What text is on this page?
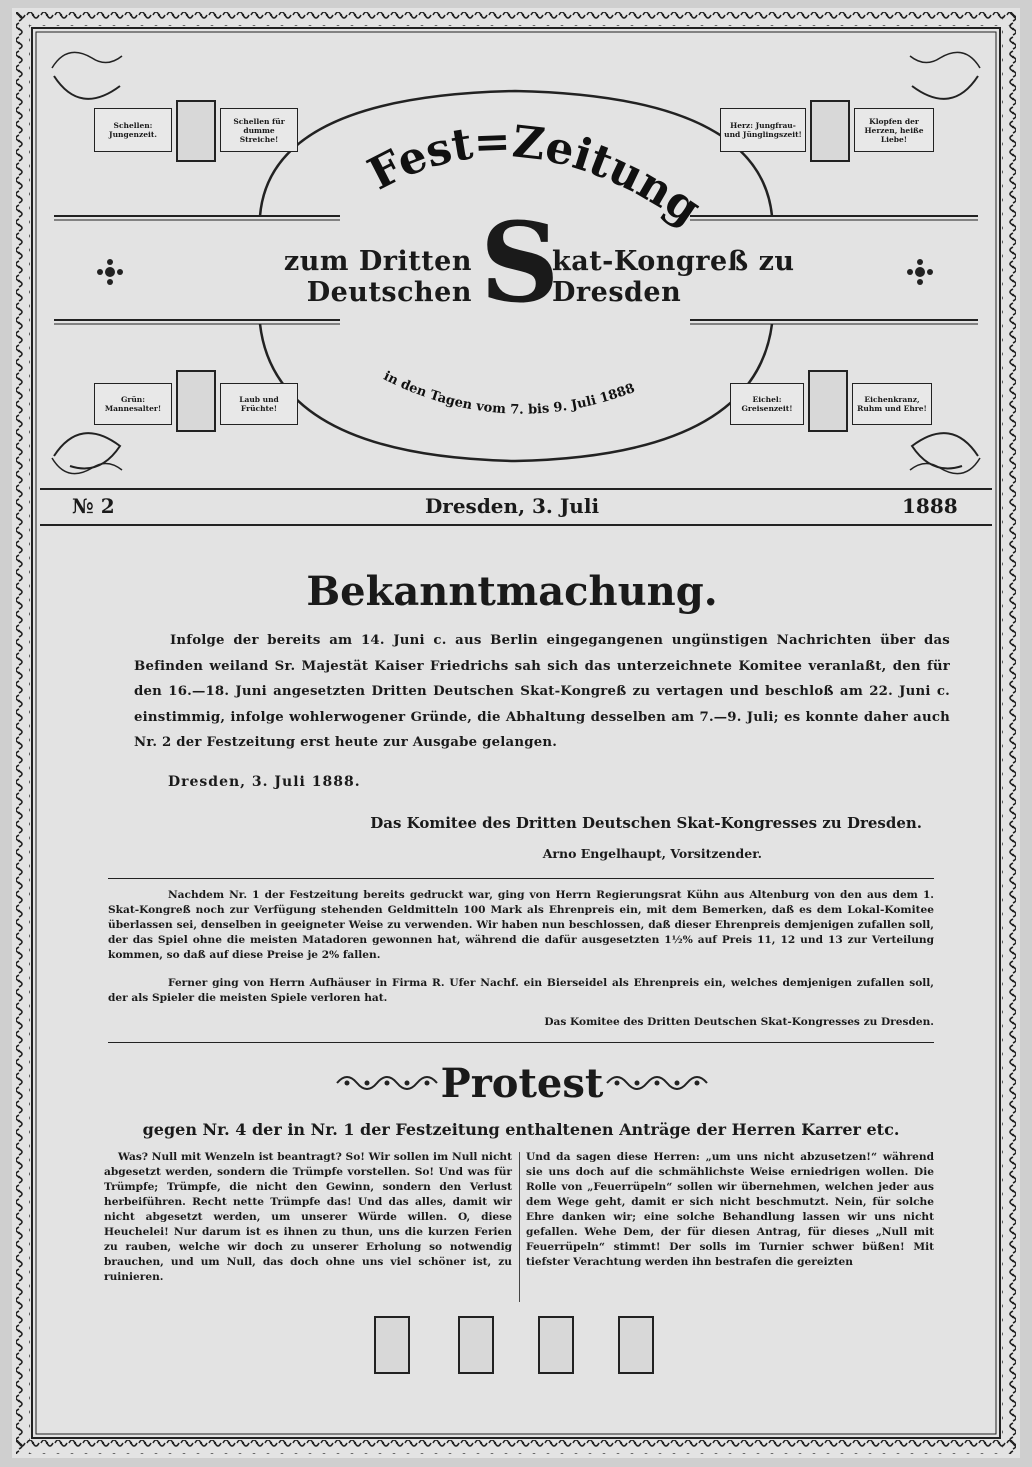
Fest=Zeitung
in den Tagen vom 7. bis 9. Juli 1888
zum Dritten Deutschen S
kat-Kongreß zu Dresden
Schellen: Jungenzeit.
Schellen für dumme Streiche!
Herz: Jungfrau- und Jünglingszeit!
Klopfen der Herzen, heiße Liebe!
Grün: Mannesalter!
Laub und Früchte!
Eichel: Greisenzeit!
Eichenkranz, Ruhm und Ehre!
№ 2	Dresden, 3. Juli	1888
Bekanntmachung.
Infolge der bereits am 14. Juni c. aus Berlin eingegangenen ungünstigen Nachrichten über das Befinden weiland Sr. Majestät Kaiser Friedrichs sah sich das unterzeichnete Komitee veranlaßt, den für den 16.—18. Juni angesetzten Dritten Deutschen Skat-Kongreß zu vertagen und beschloß am 22. Juni c. einstimmig, infolge wohlerwogener Gründe, die Abhaltung desselben am 7.—9. Juli; es konnte daher auch Nr. 2 der Festzeitung erst heute zur Ausgabe gelangen.
Dresden, 3. Juli 1888.
Das Komitee des Dritten Deutschen Skat-Kongresses zu Dresden.
Arno Engelhaupt, Vorsitzender.
Nachdem Nr. 1 der Festzeitung bereits gedruckt war, ging von Herrn Regierungsrat Kühn aus Altenburg von den aus dem 1. Skat-Kongreß noch zur Verfügung stehenden Geldmitteln 100 Mark als Ehrenpreis ein, mit dem Bemerken, daß es dem Lokal-Komitee überlassen sei, denselben in geeigneter Weise zu verwenden. Wir haben nun beschlossen, daß dieser Ehrenpreis demjenigen zufallen soll, der das Spiel ohne die meisten Matadoren gewonnen hat, während die dafür ausgesetzten 1½% auf Preis 11, 12 und 13 zur Verteilung kommen, so daß auf diese Preise je 2% fallen.
Ferner ging von Herrn Aufhäuser in Firma R. Ufer Nachf. ein Bierseidel als Ehrenpreis ein, welches demjenigen zufallen soll, der als Spieler die meisten Spiele verloren hat.
Das Komitee des Dritten Deutschen Skat-Kongresses zu Dresden.
Protest
gegen Nr. 4 der in Nr. 1 der Festzeitung enthaltenen Anträge der Herren Karrer etc.
Was? Null mit Wenzeln ist beantragt? So! Wir sollen im Null nicht abgesetzt werden, sondern die Trümpfe vorstellen. So! Und was für Trümpfe; Trümpfe, die nicht den Gewinn, sondern den Verlust herbeiführen. Recht nette Trümpfe das! Und das alles, damit wir nicht abgesetzt werden, um unserer Würde willen. O, diese Heuchelei! Nur darum ist es ihnen zu thun, uns die kurzen Ferien zu rauben, welche wir doch zu unserer Erholung so notwendig brauchen, und um Null, das doch ohne uns viel schöner ist, zu ruinieren.
Und da sagen diese Herren: „um uns nicht abzusetzen!“ während sie uns doch auf die schmählichste Weise erniedrigen wollen. Die Rolle von „Feuerrüpeln“ sollen wir übernehmen, welchen jeder aus dem Wege geht, damit er sich nicht beschmutzt. Nein, für solche Ehre danken wir; eine solche Behandlung lassen wir uns nicht gefallen. Wehe Dem, der für diesen Antrag, für dieses „Null mit Feuerrüpeln“ stimmt! Der solls im Turnier schwer büßen! Mit tiefster Verachtung werden ihn bestrafen die gereizten
